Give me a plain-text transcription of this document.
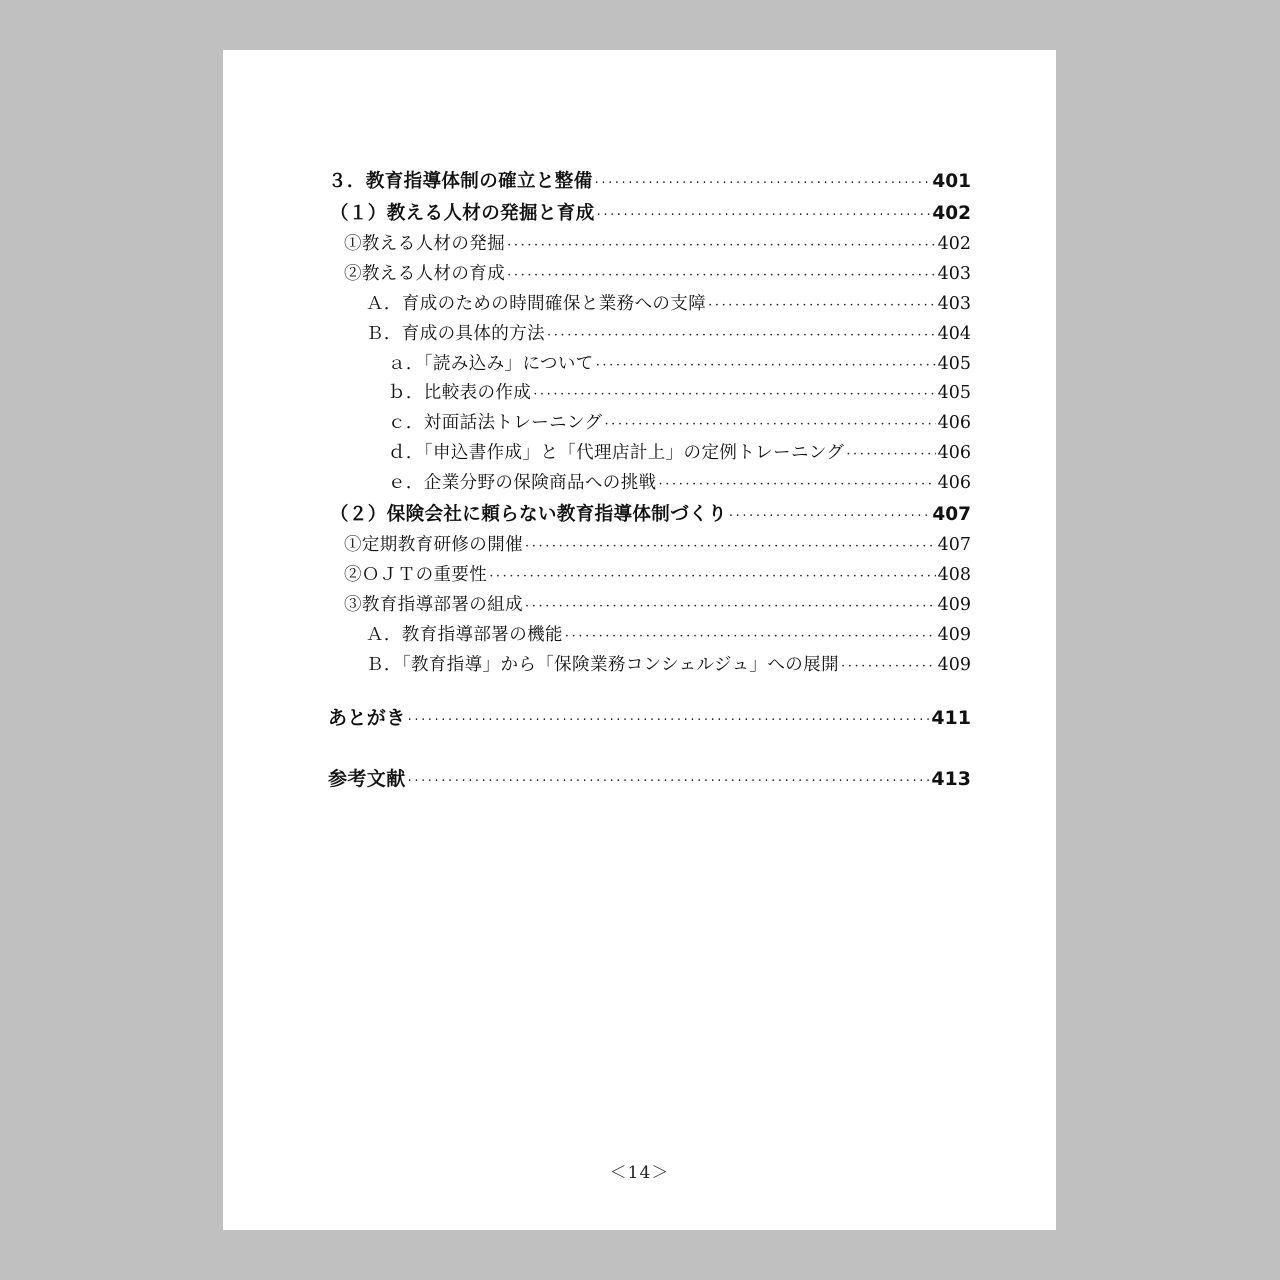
３．教育指導体制の確立と整備 ·····	401
（１）教える人材の発掘と育成 ·····	402
①教える人材の発掘 ·····	402
②教える人材の育成 ·····	403
Ａ．育成のための時間確保と業務への支障 ·····	403
Ｂ．育成の具体的方法 ·····	404
ａ．「読み込み」について ·····	405
ｂ．比較表の作成 ·····	405
ｃ．対面話法トレーニング ·····	406
ｄ．「申込書作成」と「代理店計上」の定例トレーニング ·····	406
ｅ．企業分野の保険商品への挑戦 ·····	406
（２）保険会社に頼らない教育指導体制づくり ·····	407
①定期教育研修の開催 ·····	407
②ＯＪＴの重要性 ·····	408
③教育指導部署の組成 ·····	409
Ａ．教育指導部署の機能 ·····	409
Ｂ．「教育指導」から「保険業務コンシェルジュ」への展開 ·····	409
あとがき ·····	411
参考文献 ·····	413
＜14＞
